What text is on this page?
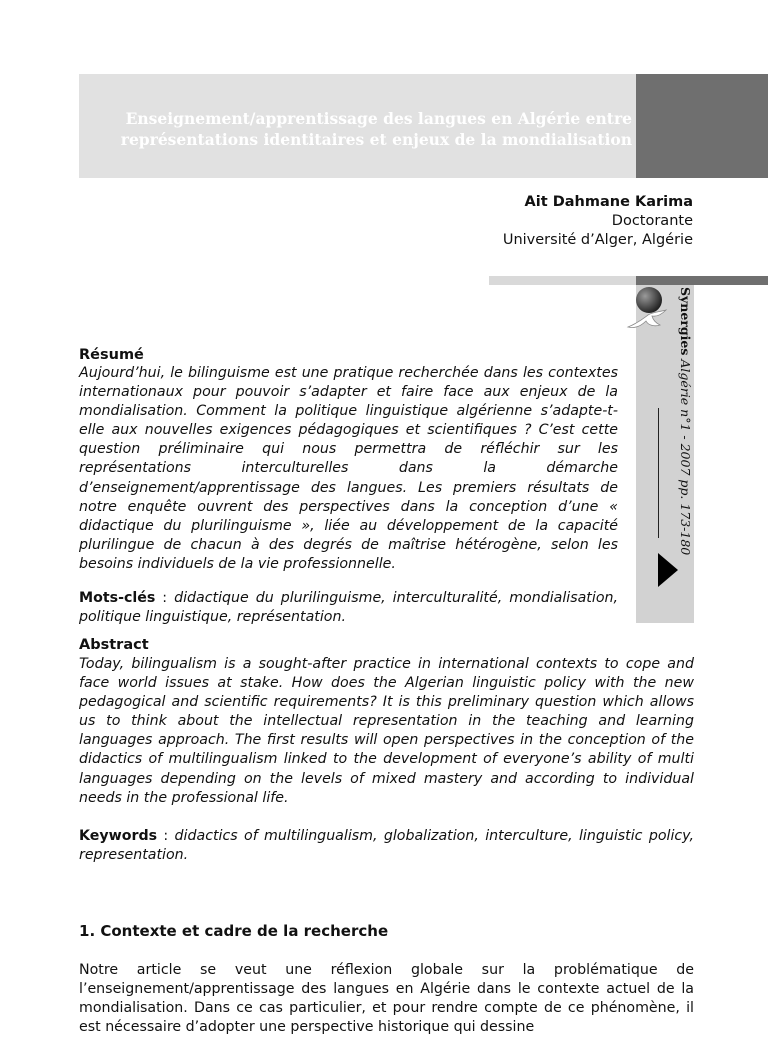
Enseignement/apprentissage des langues en Algérie entre
représentations identitaires et enjeux de la mondialisation
Ait Dahmane Karima
Doctorante
Université d’Alger, Algérie
Synergies Algérie n°1 - 2007 pp. 173-180
Résumé
Aujourd’hui, le bilinguisme est une pratique recherchée dans les contextes internationaux pour pouvoir s’adapter et faire face aux enjeux de la mondialisation. Comment la politique linguistique algérienne s’adapte-t-elle aux nouvelles exigences pédagogiques et scientifiques ? C’est cette question préliminaire qui nous permettra de réfléchir sur les représentations interculturelles dans la démarche d’enseignement/apprentissage des langues. Les premiers résultats de notre enquête ouvrent des perspectives dans la conception d’une « didactique du plurilinguisme », liée au développement de la capacité plurilingue de chacun à des degrés de maîtrise hétérogène, selon les besoins individuels de la vie professionnelle.
Mots-clés : didactique du plurilinguisme, interculturalité, mondialisation, politique linguistique, représentation.
Abstract
Today, bilingualism is a sought-after practice in international contexts to cope and face world issues at stake. How does the Algerian linguistic policy with the new pedagogical and scientific requirements? It is this preliminary question which allows us to think about the intellectual representation in the teaching and learning languages approach. The first results will open perspectives in the conception of the didactics of multilingualism linked to the development of everyone’s ability of multi languages depending on the levels of mixed mastery and according to individual needs in the professional life.
Keywords : didactics of multilingualism, globalization, interculture, linguistic policy, representation.
1. Contexte et cadre de la recherche
Notre article se veut une réflexion globale sur la problématique de l’enseignement/apprentissage des langues en Algérie dans le contexte actuel de la mondialisation. Dans ce cas particulier, et pour rendre compte de ce phénomène, il est nécessaire d’adopter une perspective historique qui dessine
